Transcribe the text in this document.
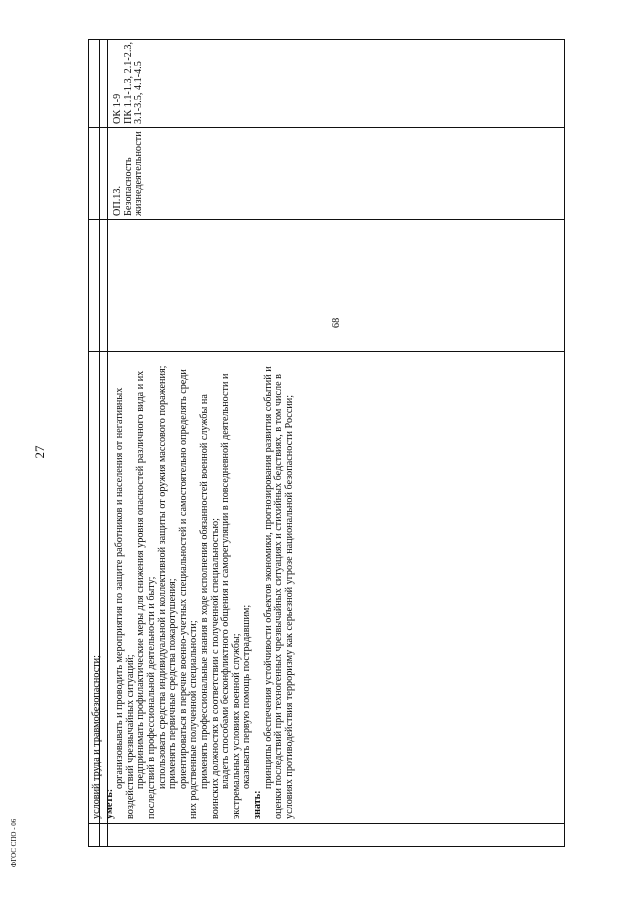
27
ФГОС СПО - 06

условий труда и травмобезопасности; уметь:

организовывать и проводить мероприятия по защите работников и населения от негативных воздействий чрезвычайных ситуаций; предпринимать профилактические меры для снижения уровня опасностей различного вида и их последствий в профессиональной деятельности и быту; использовать средства индивидуальной и коллективной защиты от оружия массового поражения; применять первичные средства пожаротушения; ориентироваться в перечне военно-учетных специальностей и самостоятельно определять среди них родственные полученной специальности; применять профессиональные знания в ходе исполнения обязанностей военной службы на воинских должностях в соответствии с полученной специальностью; владеть способами бесконфликтного общения и саморегуляции в повседневной деятельности и экстремальных условиях военной службы; оказывать первую помощь пострадавшим;

знать:

принципы обеспечения устойчивости объектов экономики, прогнозирования развития событий и оценки последствий при техногенных чрезвычайных ситуациях и стихийных бедствиях, в том числе в условиях противодействия терроризму как серьезной угрозе национальной безопасности России;

68
ОП.13. Безопасность жизнедеятельности
ОК 1-9
ПК 1.1-1.3, 2.1-2.3, 3.1-3.5, 4.1-4.5
